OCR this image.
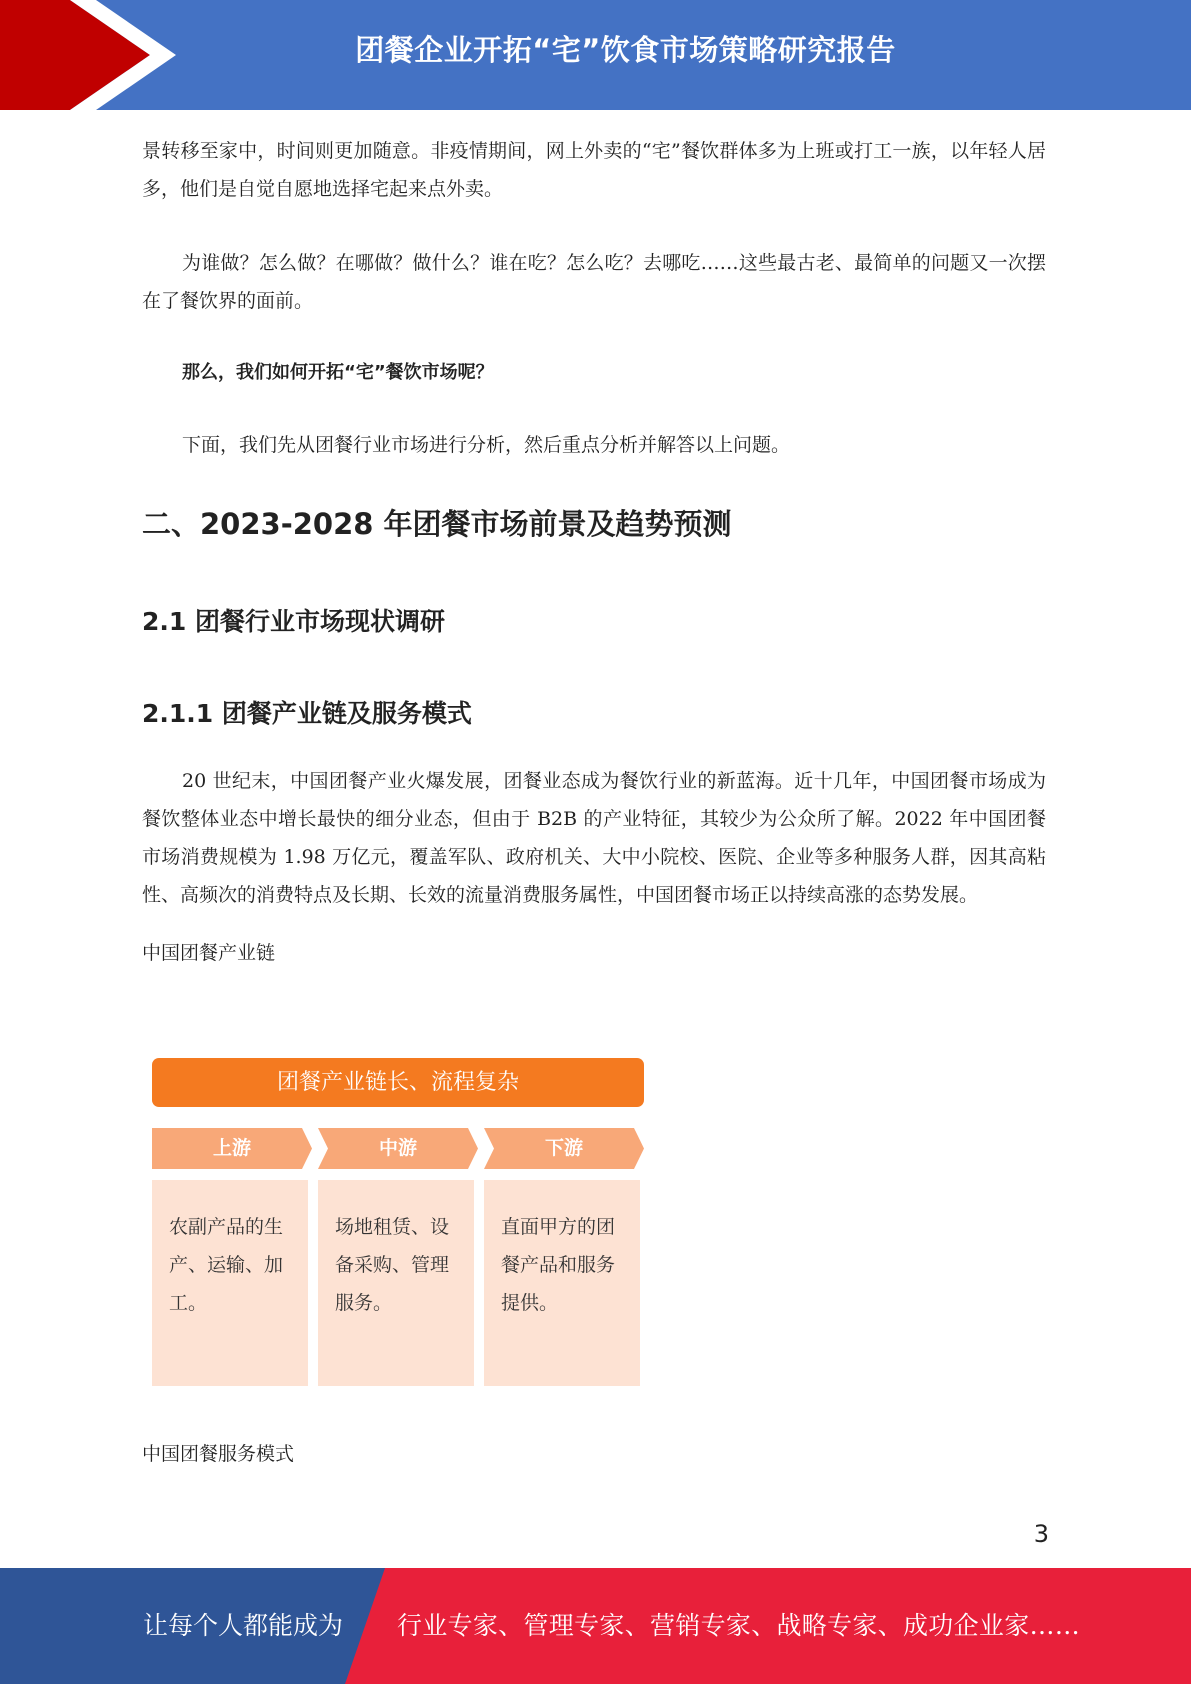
团餐企业开拓“宅”饮食市场策略研究报告

景转移至家中，时间则更加随意。非疫情期间，网上外卖的“宅”餐饮群体多为上班或打工一族，以年轻人居多，他们是自觉自愿地选择宅起来点外卖。

为谁做？怎么做？在哪做？做什么？谁在吃？怎么吃？去哪吃……这些最古老、最简单的问题又一次摆在了餐饮界的面前。

那么，我们如何开拓“宅”餐饮市场呢？

下面，我们先从团餐行业市场进行分析，然后重点分析并解答以上问题。

二、2023-2028 年团餐市场前景及趋势预测
2.1 团餐行业市场现状调研
2.1.1 团餐产业链及服务模式

20 世纪末，中国团餐产业火爆发展，团餐业态成为餐饮行业的新蓝海。近十几年，中国团餐市场成为餐饮整体业态中增长最快的细分业态，但由于 B2B 的产业特征，其较少为公众所了解。2022 年中国团餐市场消费规模为 1.98 万亿元，覆盖军队、政府机关、大中小院校、医院、企业等多种服务人群，因其高粘性、高频次的消费特点及长期、长效的流量消费服务属性，中国团餐市场正以持续高涨的态势发展。

中国团餐产业链

团餐产业链长、流程复杂
上游	中游	下游
农副产品的生产、运输、加工。
场地租赁、设备采购、管理服务。
直面甲方的团餐产品和服务提供。

中国团餐服务模式

3
让每个人都能成为 行业专家、管理专家、营销专家、战略专家、成功企业家……
